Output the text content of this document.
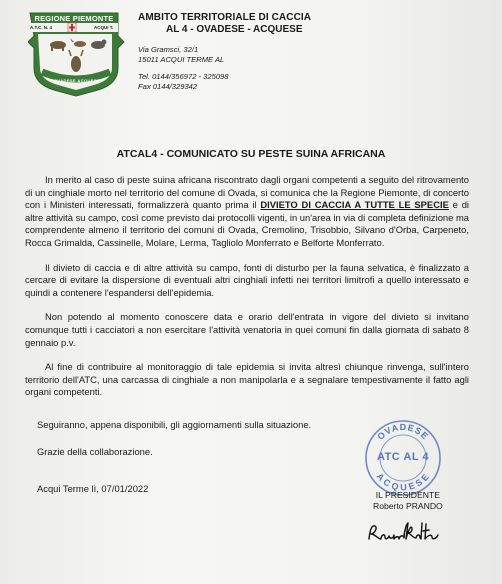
REGIONE PIEMONTE
A.T.C. N. 4	ACQUI T.
OVADESE ACQUESE
AMBITO TERRITORIALE DI CACCIA
AL 4 - OVADESE - ACQUESE
Via Gramsci, 32/1
15011 ACQUI TERME AL
Tel. 0144/356972 - 325098
Fax 0144/329342
ATCAL4 - COMUNICATO SU PESTE SUINA AFRICANA

In merito al caso di peste suina africana riscontrato dagli organi competenti a seguito del ritrovamento di un cinghiale morto nel territorio del comune di Ovada, si comunica che la Regione Piemonte, di concerto con i Ministeri interessati, formalizzerà quanto prima il DIVIETO DI CACCIA A TUTTE LE SPECIE e di altre attività su campo, così come previsto dai protocolli vigenti, in un'area in via di completa definizione ma comprendente almeno il territorio dei comuni di Ovada, Cremolino, Trisobbio, Silvano d'Orba, Carpeneto, Rocca Grimalda, Cassinelle, Molare, Lerma, Tagliolo Monferrato e Belforte Monferrato.

Il divieto di caccia e di altre attività su campo, fonti di disturbo per la fauna selvatica, è finalizzato a cercare di evitare la dispersione di eventuali altri cinghiali infetti nei territori limitrofi a quello interessato e quindi a contenere l'espandersi dell'epidemia.

Non potendo al momento conoscere data e orario dell'entrata in vigore del divieto si invitano comunque tutti i cacciatori a non esercitare l'attività venatoria in quei comuni fin dalla giornata di sabato 8 gennaio p.v.

Al fine di contribuire al monitoraggio di tale epidemia si invita altresì chiunque rinvenga, sull'intero territorio dell'ATC, una carcassa di cinghiale a non manipolarla e a segnalare tempestivamente il fatto agli organi competenti.

Seguiranno, appena disponibili, gli aggiornamenti sulla situazione.
Grazie della collaborazione.
Acqui Terme lì, 07/01/2022
OVADESE
ACQUESE
ATC AL 4
IL PRESIDENTE
Roberto PRANDO
